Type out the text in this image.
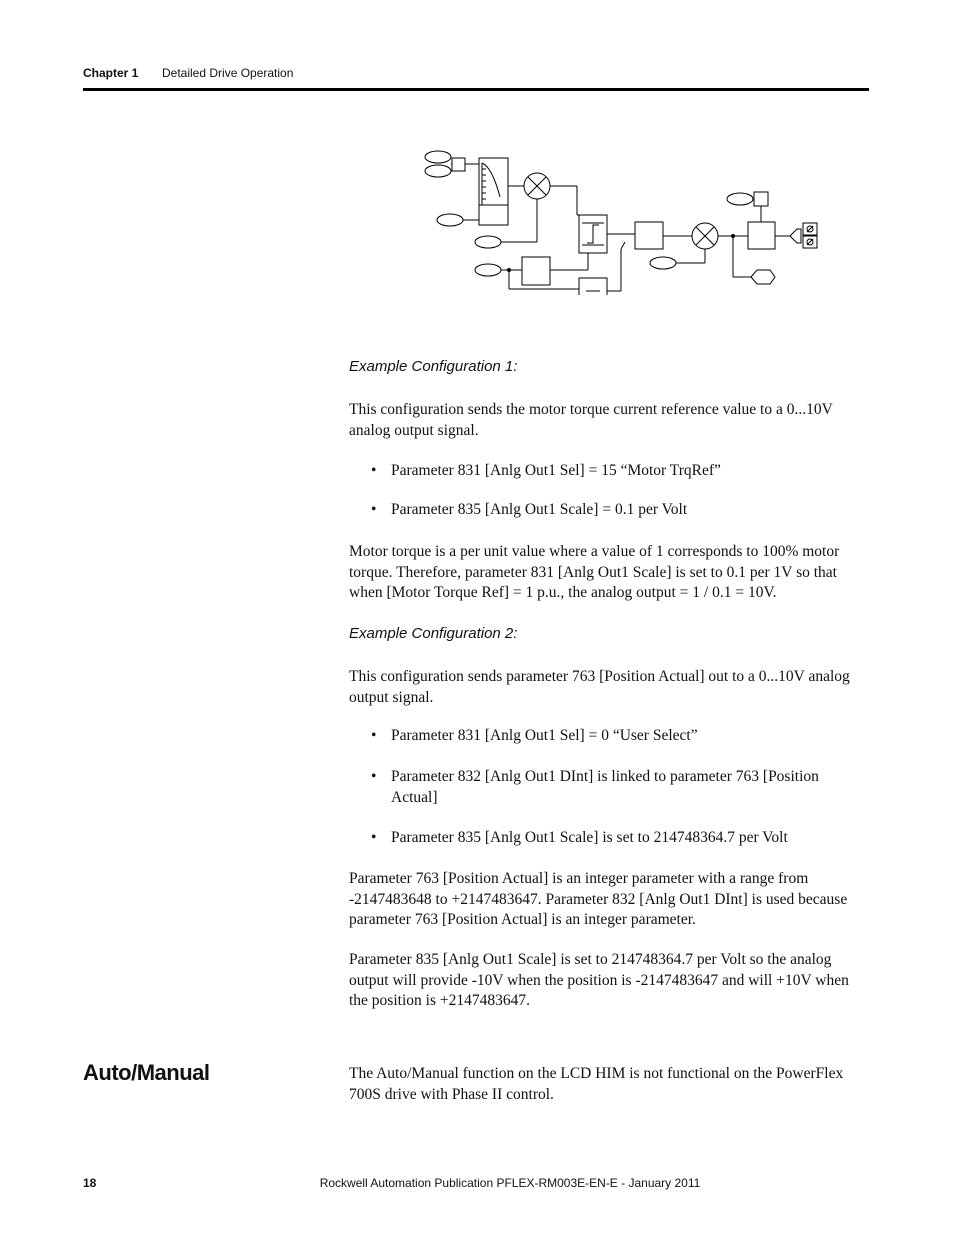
Chapter 1 Detailed Drive Operation
Example Configuration 1:

This configuration sends the motor torque current reference value to a 0...10V analog output signal.

• Parameter 831 [Anlg Out1 Sel] = 15 “Motor TrqRef”
• Parameter 835 [Anlg Out1 Scale] = 0.1 per Volt

Motor torque is a per unit value where a value of 1 corresponds to 100% motor torque. Therefore, parameter 831 [Anlg Out1 Scale] is set to 0.1 per 1V so that when [Motor Torque Ref] = 1 p.u., the analog output = 1 / 0.1 = 10V.

Example Configuration 2:

This configuration sends parameter 763 [Position Actual] out to a 0...10V analog output signal.

• Parameter 831 [Anlg Out1 Sel] = 0 “User Select”
• Parameter 832 [Anlg Out1 DInt] is linked to parameter 763 [Position Actual]
• Parameter 835 [Anlg Out1 Scale] is set to 214748364.7 per Volt

Parameter 763 [Position Actual] is an integer parameter with a range from -2147483648 to +2147483647. Parameter 832 [Anlg Out1 DInt] is used because parameter 763 [Position Actual] is an integer parameter.

Parameter 835 [Anlg Out1 Scale] is set to 214748364.7 per Volt so the analog output will provide -10V when the position is -2147483647 and will +10V when the position is +2147483647.

Auto/Manual	The Auto/Manual function on the LCD HIM is not functional on the PowerFlex 700S drive with Phase II control.

18	Rockwell Automation Publication PFLEX-RM003E-EN-E - January 2011
